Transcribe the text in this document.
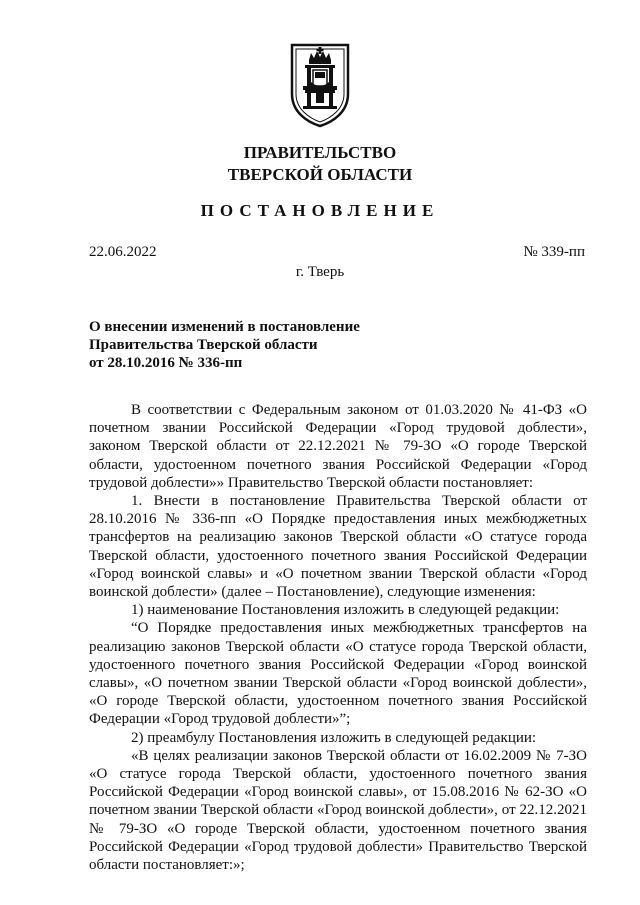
ПРАВИТЕЛЬСТВО
ТВЕРСКОЙ ОБЛАСТИ
ПОСТАНОВЛЕНИЕ
22.06.2022	№ 339-пп
г. Тверь
О внесении изменений в постановление
Правительства Тверской области
от 28.10.2016 № 336-пп

В соответствии с Федеральным законом от 01.03.2020 № 41-ФЗ «О почетном звании Российской Федерации «Город трудовой доблести», законом Тверской области от 22.12.2021 № 79-ЗО «О городе Тверской области, удостоенном почетного звания Российской Федерации «Город трудовой доблести»» Правительство Тверской области постановляет:

1. Внести в постановление Правительства Тверской области от 28.10.2016 № 336-пп «О Порядке предоставления иных межбюджетных трансфертов на реализацию законов Тверской области «О статусе города Тверской области, удостоенного почетного звания Российской Федерации «Город воинской славы» и «О почетном звании Тверской области «Город воинской доблести» (далее – Постановление), следующие изменения:

1) наименование Постановления изложить в следующей редакции:

“О Порядке предоставления иных межбюджетных трансфертов на реализацию законов Тверской области «О статусе города Тверской области, удостоенного почетного звания Российской Федерации «Город воинской славы», «О почетном звании Тверской области «Город воинской доблести», «О городе Тверской области, удостоенном почетного звания Российской Федерации «Город трудовой доблести»”;

2) преамбулу Постановления изложить в следующей редакции:

«В целях реализации законов Тверской области от 16.02.2009 № 7-ЗО «О статусе города Тверской области, удостоенного почетного звания Российской Федерации «Город воинской славы», от 15.08.2016 № 62-ЗО «О почетном звании Тверской области «Город воинской доблести», от 22.12.2021 № 79-ЗО «О городе Тверской области, удостоенном почетного звания Российской Федерации «Город трудовой доблести» Правительство Тверской области постановляет:»;
